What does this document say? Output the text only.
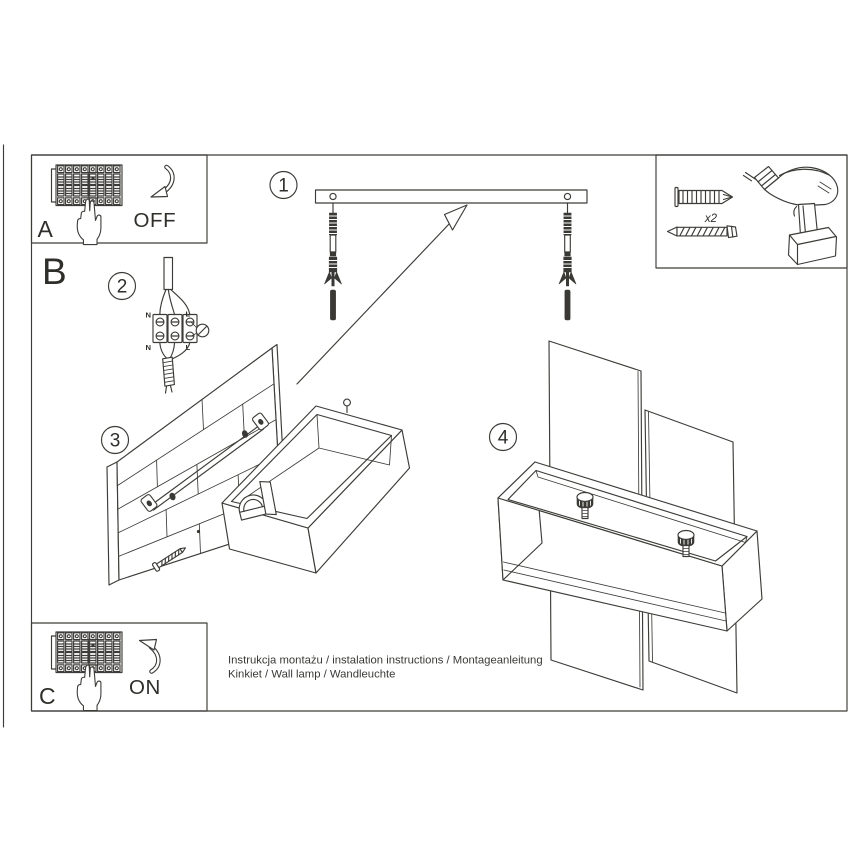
OFF
A
B	2
N	L
N	L
1
x2
3	4
ON
C
Instrukcja montażu / instalation instructions / Montageanleitung
Kinkiet / Wall lamp / Wandleuchte
